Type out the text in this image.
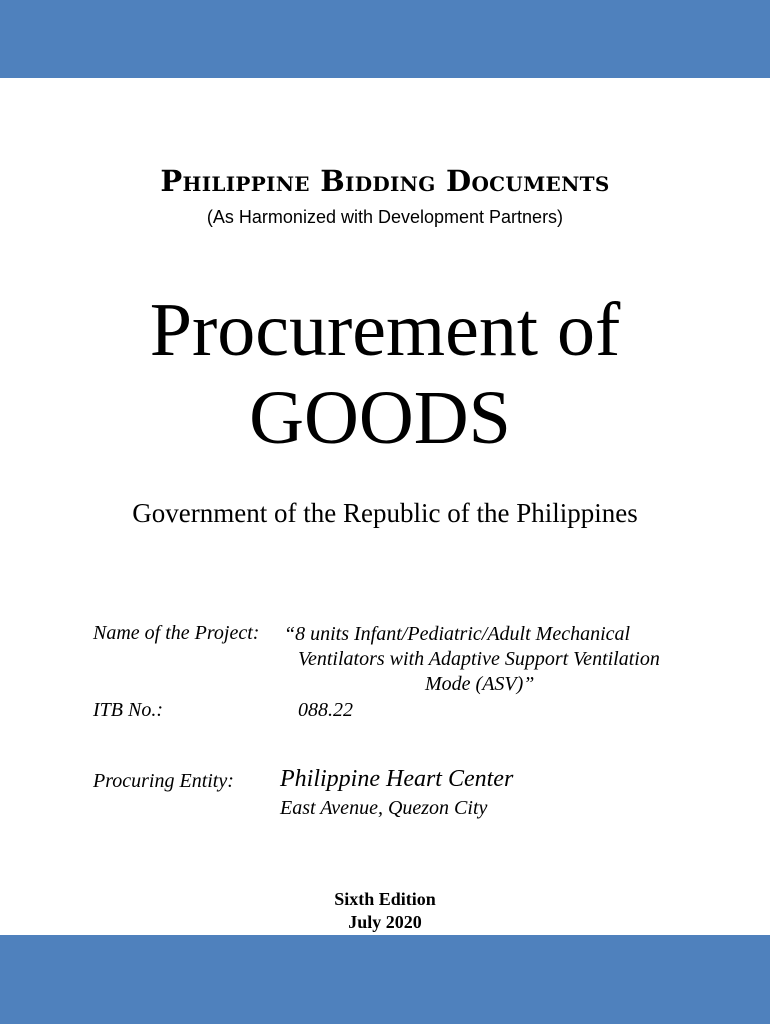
Philippine Bidding Documents
(As Harmonized with Development Partners)
Procurement of
GOODS
Government of the Republic of the Philippines
Name of the Project: “8 units Infant/Pediatric/Adult Mechanical
Ventilators with Adaptive Support Ventilation
Mode (ASV)”
ITB No.:	088.22
Procuring Entity: Philippine Heart Center
East Avenue, Quezon City
Sixth Edition
July 2020
